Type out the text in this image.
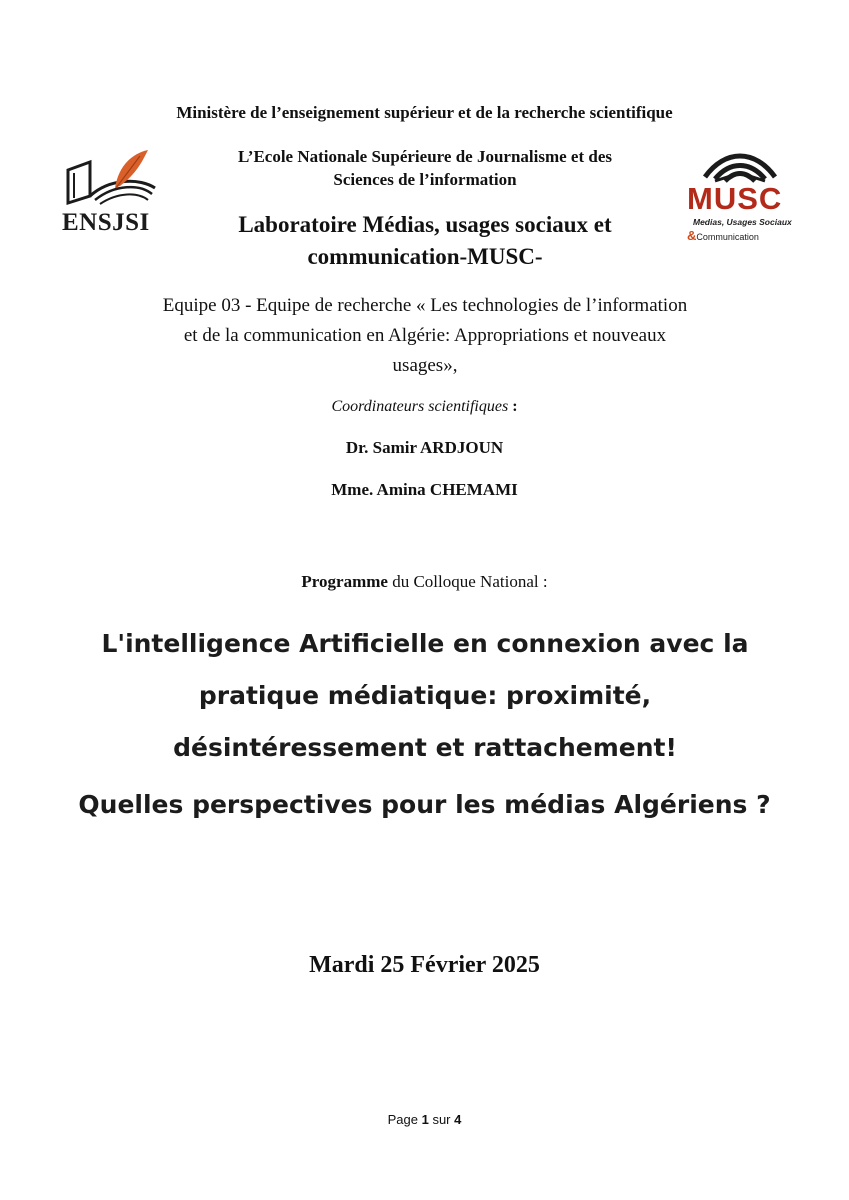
Ministère de l’enseignement supérieur et de la recherche scientifique
ENSJSI
L’Ecole Nationale Supérieure de Journalisme et des
Sciences de l’information
MUSC
Medias, Usages Sociaux
&Communication
Laboratoire Médias, usages sociaux et
communication-MUSC-
Equipe 03 - Equipe de recherche « Les technologies de l’information
et de la communication en Algérie: Appropriations et nouveaux
usages»,
Coordinateurs scientifiques :
Dr. Samir ARDJOUN
Mme. Amina CHEMAMI
Programme du Colloque National :
L'intelligence Artificielle en connexion avec la
pratique médiatique: proximité,
désintéressement et rattachement!
Quelles perspectives pour les médias Algériens ?
Mardi 25 Février 2025
Page 1 sur 4
